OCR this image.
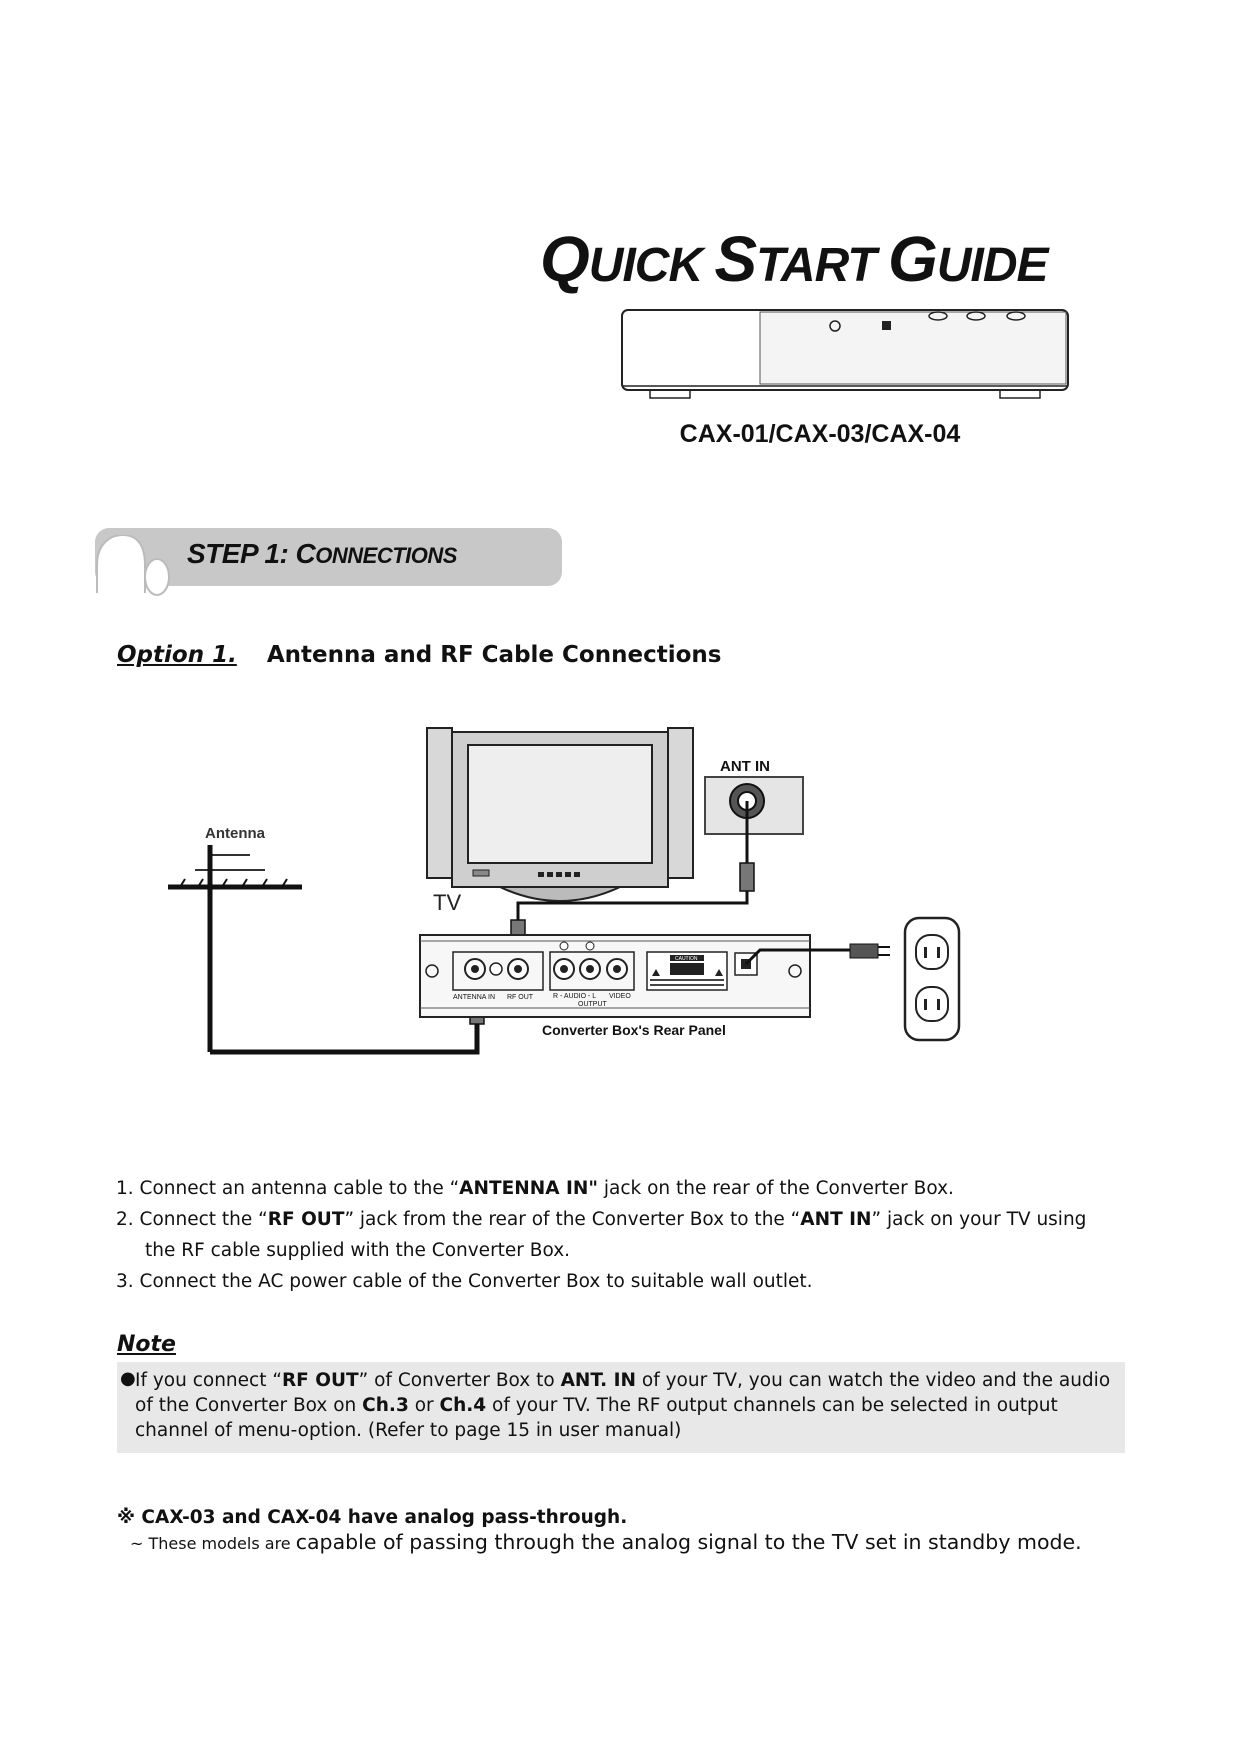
QUICK START GUIDE
CAX-01/CAX-03/CAX-04
STEP 1: CONNECTIONS
Option 1. Antenna and RF Cable Connections
TV
ANT IN
Antenna
ANTENNA IN RF OUT	R - AUDIO - L VIDEO
OUTPUT
CAUTION
Converter Box's Rear Panel
1. Connect an antenna cable to the “ANTENNA IN" jack on the rear of the Converter Box.
2. Connect the “RF OUT” jack from the rear of the Converter Box to the “ANT IN” jack on your TV using
the RF cable supplied with the Converter Box.
3. Connect the AC power cable of the Converter Box to suitable wall outlet.
Note
● If you connect “RF OUT” of Converter Box to ANT. IN of your TV, you can watch the video and the audio of the Converter Box on Ch.3 or Ch.4 of your TV. The RF output channels can be selected in output channel of menu-option. (Refer to page 15 in user manual)
※ CAX-03 and CAX-04 have analog pass-through.
~ These models are capable of passing through the analog signal to the TV set in standby mode.
